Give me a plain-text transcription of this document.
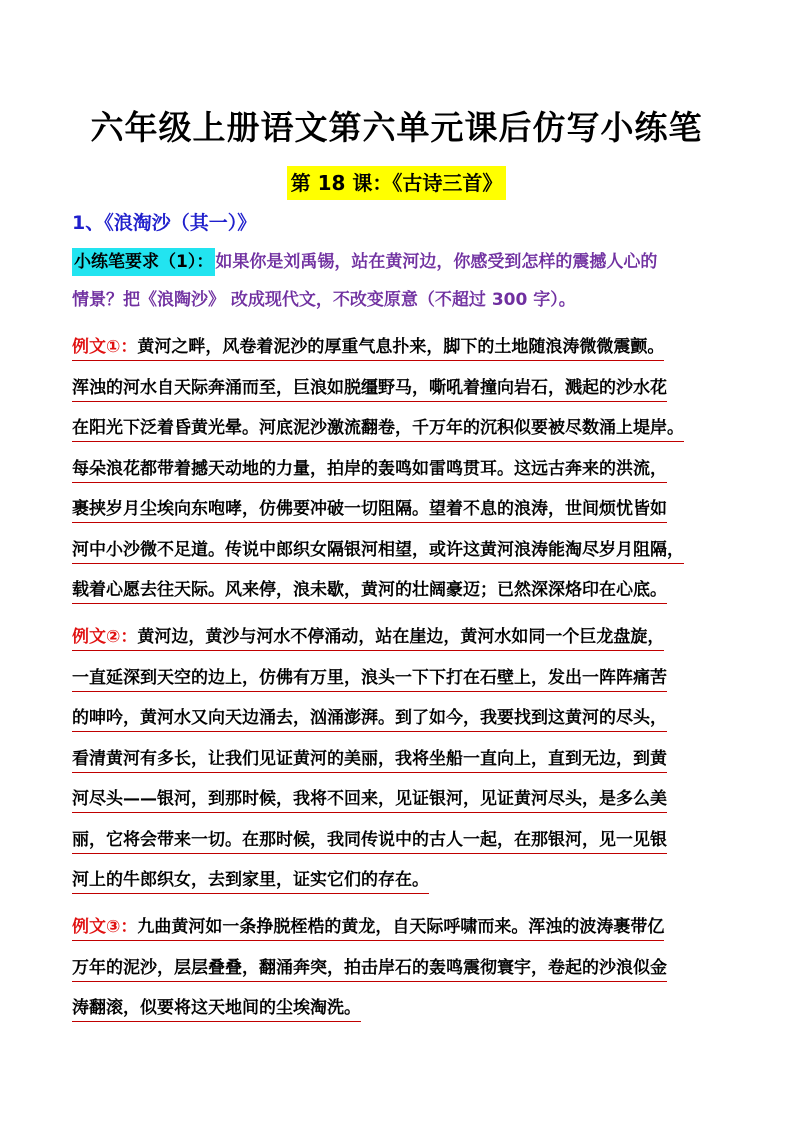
六年级上册语文第六单元课后仿写小练笔
第 18 课：《古诗三首》
1、《浪淘沙（其一）》
小练笔要求（1）： 如果你是刘禹锡，站在黄河边，你感受到怎样的震撼人心的
情景？把《浪陶沙》 改成现代文，不改变原意（不超过 300 字）。
例文①：黄河之畔，风卷着泥沙的厚重气息扑来，脚下的土地随浪涛微微震颤。
浑浊的河水自天际奔涌而至，巨浪如脱缰野马，嘶吼着撞向岩石，溅起的沙水花
在阳光下泛着昏黄光晕。河底泥沙激流翻卷，千万年的沉积似要被尽数涌上堤岸。
每朵浪花都带着撼天动地的力量，拍岸的轰鸣如雷鸣贯耳。这远古奔来的洪流，
裹挟岁月尘埃向东咆哮，仿佛要冲破一切阻隔。望着不息的浪涛，世间烦忧皆如
河中小沙微不足道。传说中郎织女隔银河相望，或许这黄河浪涛能淘尽岁月阻隔，
载着心愿去往天际。风来停，浪未歇，黄河的壮阔豪迈；已然深深烙印在心底。
例文②：黄河边，黄沙与河水不停涌动，站在崖边，黄河水如同一个巨龙盘旋，
一直延深到天空的边上，仿佛有万里，浪头一下下打在石壁上，发出一阵阵痛苦
的呻吟，黄河水又向天边涌去，汹涌澎湃。到了如今，我要找到这黄河的尽头，
看清黄河有多长，让我们见证黄河的美丽，我将坐船一直向上，直到无边，到黄
河尽头——银河，到那时候，我将不回来，见证银河，见证黄河尽头，是多么美
丽，它将会带来一切。在那时候，我同传说中的古人一起，在那银河，见一见银
河上的牛郎织女，去到家里，证实它们的存在。
例文③：九曲黄河如一条挣脱桎梏的黄龙，自天际呼啸而来。浑浊的波涛裹带亿
万年的泥沙，层层叠叠，翻涌奔突，拍击岸石的轰鸣震彻寰宇，卷起的沙浪似金
涛翻滚，似要将这天地间的尘埃淘洗。
